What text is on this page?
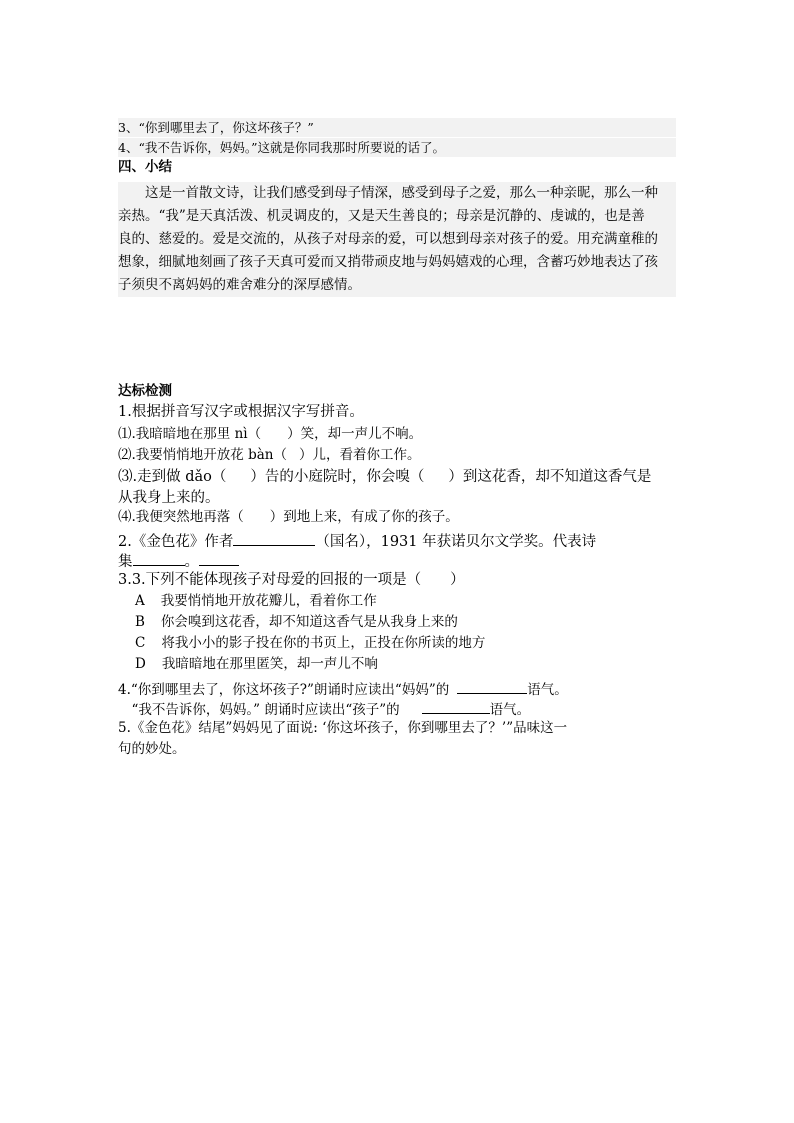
3、“你到哪里去了，你这坏孩子？”
4、“我不告诉你，妈妈。”这就是你同我那时所要说的话了。
四、小结
　　这是一首散文诗，让我们感受到母子情深，感受到母子之爱，那么一种亲昵，那么一种
亲热。“我”是天真活泼、机灵调皮的，又是天生善良的；母亲是沉静的、虔诚的，也是善
良的、慈爱的。爱是交流的，从孩子对母亲的爱，可以想到母亲对孩子的爱。用充满童稚的
想象，细腻地刻画了孩子天真可爱而又捎带顽皮地与妈妈嬉戏的心理，含蓄巧妙地表达了孩
子须臾不离妈妈的难舍难分的深厚感情。
达标检测
1.根据拼音写汉字或根据汉字写拼音。
⑴.我暗暗地在那里 nì（ ）笑，却一声儿不响。
⑵.我要悄悄地开放花 bàn（ ）儿，看着你工作。
⑶.走到做 dǎo（ ）告的小庭院时，你会嗅（ ）到这花香，却不知道这香气是
从我身上来的。
⑷.我便突然地再落（ ）到地上来，有成了你的孩子。
2.《金色花》作者	（国名），1931 年获诺贝尔文学奖。代表诗
集	。
3.3.下列不能体现孩子对母爱的回报的一项是（　　）
A 我要悄悄地开放花瓣儿，看着你工作
B 你会嗅到这花香，却不知道这香气是从我身上来的
C 将我小小的影子投在你的书页上，正投在你所读的地方
D 我暗暗地在那里匿笑，却一声儿不响
4.“你到哪里去了，你这坏孩子?”朗诵时应读出“妈妈”的	语气。
　“我不告诉你，妈妈。” 朗诵时应读出“孩子”的	语气。
5.《金色花》结尾”妈妈见了面说: ‘你这坏孩子，你到哪里去了？’”品味这一
句的妙处。
